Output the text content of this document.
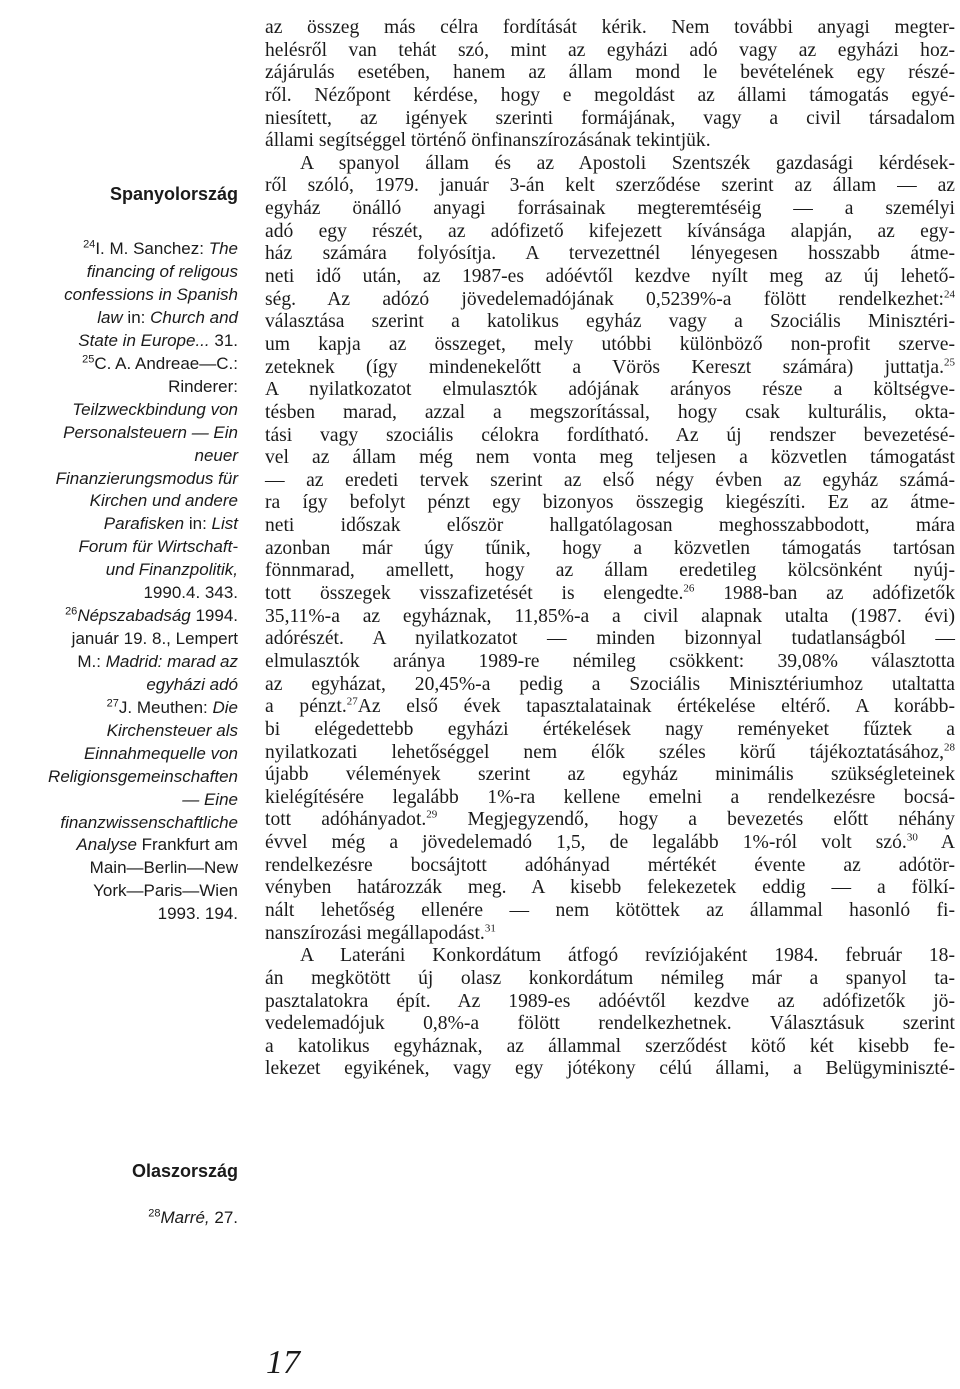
Spanyolország
$^{24}$I. M. Sanchez: The
financing of religous
confessions in Spanish
law in: Church and
State in Europe... 31.
$^{25}$C. A. Andreae—C.:
Rinderer:
Teilzweckbindung von
Personalsteuern — Ein
neuer
Finanzierungsmodus für
Kirchen und andere
Parafisken in: List
Forum für Wirtschaft-
und Finanzpolitik,
1990.4. 343.
$^{26}$Népszabadság 1994.
január 19. 8., Lempert
M.: Madrid: marad az
egyházi adó
$^{27}$J. Meuthen: Die
Kirchensteuer als
Einnahmequelle von
Religionsgemeinschaften
— Eine
finanzwissenschaftliche
Analyse Frankfurt am
Main—Berlin—New
York—Paris—Wien
1993. 194.
Olaszország
$^{28}$Marré, 27.
az összeg más célra fordítását kérik. Nem további anyagi megter-
helésről van tehát szó, mint az egyházi adó vagy az egyházi hoz-
zájárulás esetében, hanem az állam mond le bevételének egy részé-
ről. Nézőpont kérdése, hogy e megoldást az állami támogatás egyé-
niesített, az igények szerinti formájának, vagy a civil társadalom
állami segítséggel történő önfinanszírozásának tekintjük.
A spanyol állam és az Apostoli Szentszék gazdasági kérdések-
ről szóló, 1979. január 3-án kelt szerződése szerint az állam — az
egyház önálló anyagi forrásainak megteremtéséig — a személyi
adó egy részét, az adófizető kifejezett kívánsága alapján, az egy-
ház számára folyósítja. A tervezettnél lényegesen hosszabb átme-
neti idő után, az 1987-es adóévtől kezdve nyílt meg az új lehető-
ség. Az adózó jövedelemadójának 0,5239%-a fölött rendelkezhet:$^{24}$
választása szerint a katolikus egyház vagy a Szociális Minisztéri-
um kapja az összeget, mely utóbbi különböző non-profit szerve-
zeteknek (így mindenekelőtt a Vörös Kereszt számára) juttatja.$^{25}$
A nyilatkozatot elmulasztók adójának arányos része a költségve-
tésben marad, azzal a megszorítással, hogy csak kulturális, okta-
tási vagy szociális célokra fordítható. Az új rendszer bevezetésé-
vel az állam még nem vonta meg teljesen a közvetlen támogatást
— az eredeti tervek szerint az első négy évben az egyház számá-
ra így befolyt pénzt egy bizonyos összegig kiegészíti. Ez az átme-
neti időszak először hallgatólagosan meghosszabbodott, mára
azonban már úgy tűnik, hogy a közvetlen támogatás tartósan
fönnmarad, amellett, hogy az állam eredetileg kölcsönként nyúj-
tott összegek visszafizetését is elengedte.$^{26}$ 1988-ban az adófizetők
35,11%-a az egyháznak, 11,85%-a a civil alapnak utalta (1987. évi)
adórészét. A nyilatkozatot — minden bizonnyal tudatlanságból —
elmulasztók aránya 1989-re némileg csökkent: 39,08% választotta
az egyházat, 20,45%-a pedig a Szociális Minisztériumhoz utaltatta
a pénzt.$^{27}$Az első évek tapasztalatainak értékelése eltérő. A korább-
bi elégedettebb egyházi értékelések nagy reményeket fűztek a
nyilatkozati lehetőséggel nem élők széles körű tájékoztatásához,$^{28}$
újabb vélemények szerint az egyház minimális szükségleteinek
kielégítésére legalább 1%-ra kellene emelni a rendelkezésre bocsá-
tott adóhányadot.$^{29}$ Megjegyzendő, hogy a bevezetés előtt néhány
évvel még a jövedelemadó 1,5, de legalább 1%-ról volt szó.$^{30}$ A
rendelkezésre bocsájtott adóhányad mértékét évente az adótör-
vényben határozzák meg. A kisebb felekezetek eddig — a fölkí-
nált lehetőség ellenére — nem kötöttek az állammal hasonló fi-
nanszírozási megállapodást.$^{31}$
A Lateráni Konkordátum átfogó revíziójaként 1984. február 18-
án megkötött új olasz konkordátum némileg már a spanyol ta-
pasztalatokra épít. Az 1989-es adóévtől kezdve az adófizetők jö-
vedelemadójuk 0,8%-a fölött rendelkezhetnek. Választásuk szerint
a katolikus egyháznak, az állammal szerződést kötő két kisebb fe-
lekezet egyikének, vagy egy jótékony célú állami, a Belügyminiszté-
17
